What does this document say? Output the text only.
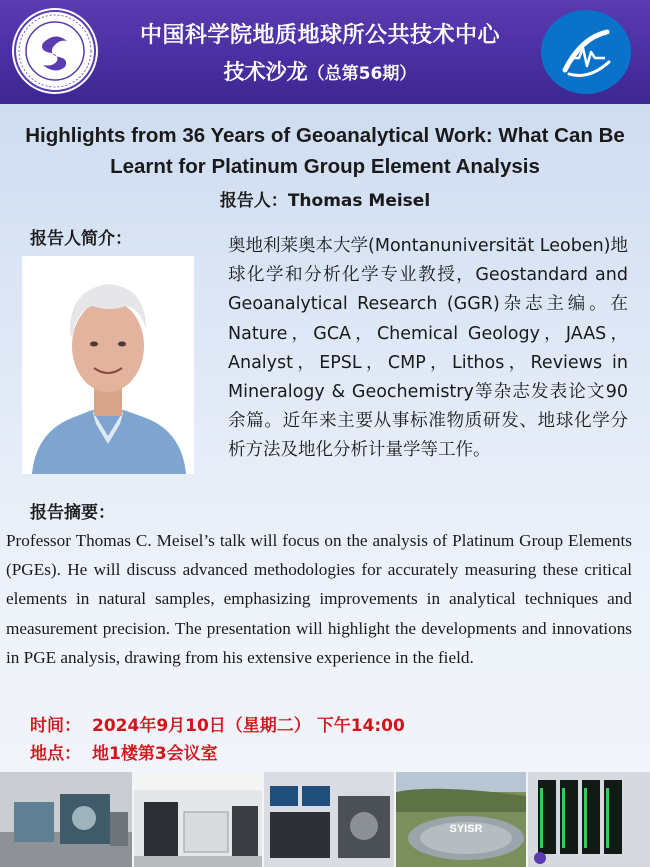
中国科学院地质地球所公共技术中心
技术沙龙（总第56期）
Highlights from 36 Years of Geoanalytical Work: What Can Be Learnt for Platinum Group Element Analysis
报告人：Thomas Meisel
报告人简介：	奥地利莱奥本大学(Montanuniversität Leoben)地球化学和分析化学专业教授，Geostandard and Geoanalytical Research (GGR)杂志主编。在Nature，GCA，Chemical Geology，JAAS，Analyst，EPSL，CMP，Lithos，Reviews in Mineralogy & Geochemistry等杂志发表论文90余篇。近年来主要从事标准物质研发、地球化学分析方法及地化分析计量学等工作。
报告摘要：
Professor Thomas C. Meisel’s talk will focus on the analysis of Platinum Group Elements (PGEs). He will discuss advanced methodologies for accurately measuring these critical elements in natural samples, emphasizing improvements in analytical techniques and measurement precision. The presentation will highlight the developments and innovations in PGE analysis, drawing from his extensive experience in the field.
时间： 2024年9月10日（星期二） 下午14:00
地点： 地1楼第3会议室
SYISR
